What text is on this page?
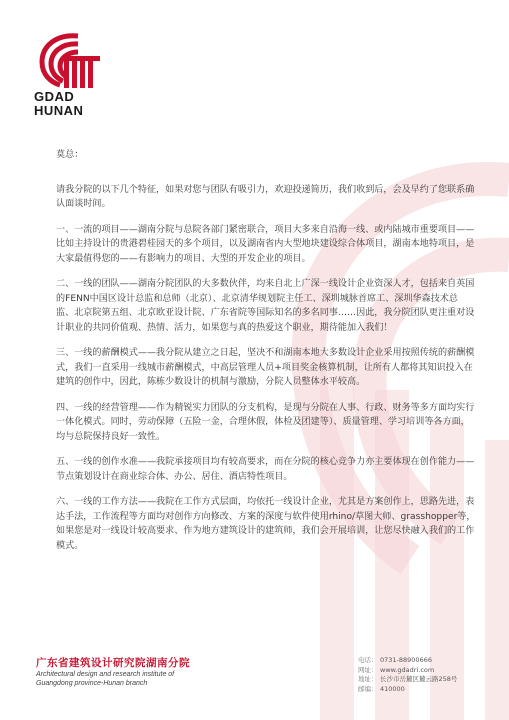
GDAD
HUNAN

莫总：

请我分院的以下几个特征，如果对您与团队有吸引力，欢迎投递简历，我们收到后，会及早约了您联系确认面谈时间。

一、一流的项目——湖南分院与总院各部门紧密联合，项目大多来自沿海一线、或内陆城市重要项目——比如主持设计的贵港碧桂园天的多个项目，以及湖南省内大型地块建设综合体项目，湖南本地特项目，是大家最值得您的——有影响力的项目、大型的开发企业的项目。

二、一线的团队——湖南分院团队的大多数伙伴，均来自北上广深一线设计企业资深人才，包括来自英国的FENN中国区设计总监和总师（北京）、北京清华规划院主任工、深圳城脉首席工、深圳华森技术总监、北京院第五组、北京欧亚设计院、广东省院等国际知名的多名同事……因此，我分院团队更注重对设计职业的共同价值观、热情、活力，如果您与真的热爱这个职业，期待能加入我们！

三、一线的薪酬模式——我分院从建立之日起，坚决不和湖南本地大多数设计企业采用按照传统的薪酬模式，我们一直采用一线城市薪酬模式，中高层管理人员+项目奖金核算机制，让所有人都将其知识投入在建筑的创作中，因此，陈栋少数设计的机制与激励，分院人员整体水平较高。

四、一线的经营管理——作为精锐实力团队的分支机构，是现与分院在人事、行政、财务等多方面均实行一体化模式。同时，劳动保障（五险一金，合理休假，体检及团建等）、质量管理、学习培训等各方面，均与总院保持良好一致性。

五、一线的创作水准——我院承接项目均有较高要求，而在分院的核心竞争力亦主要体现在创作能力——节点策划设计在商业综合体、办公、居住、酒店特性项目。

六、一线的工作方法——我院在工作方式层面，均依托一线设计企业，尤其是方案创作上，思路先进，表达手法，工作流程等方面均对创作方向修改、方案的深度与软件使用rhino/草图大师、grasshopper等，如果您是对一线设计较高要求、作为地方建筑设计的建筑师，我们会开展培训，让您尽快融入我们的工作模式。

广东省建筑设计研究院湖南分院
Architectural design and research institute of
Guangdong province-Hunan branch
电话： 0731-88900666
网址： www.gdadri.com
地址： 长沙市岳麓区麓云路258号
邮编： 410000
